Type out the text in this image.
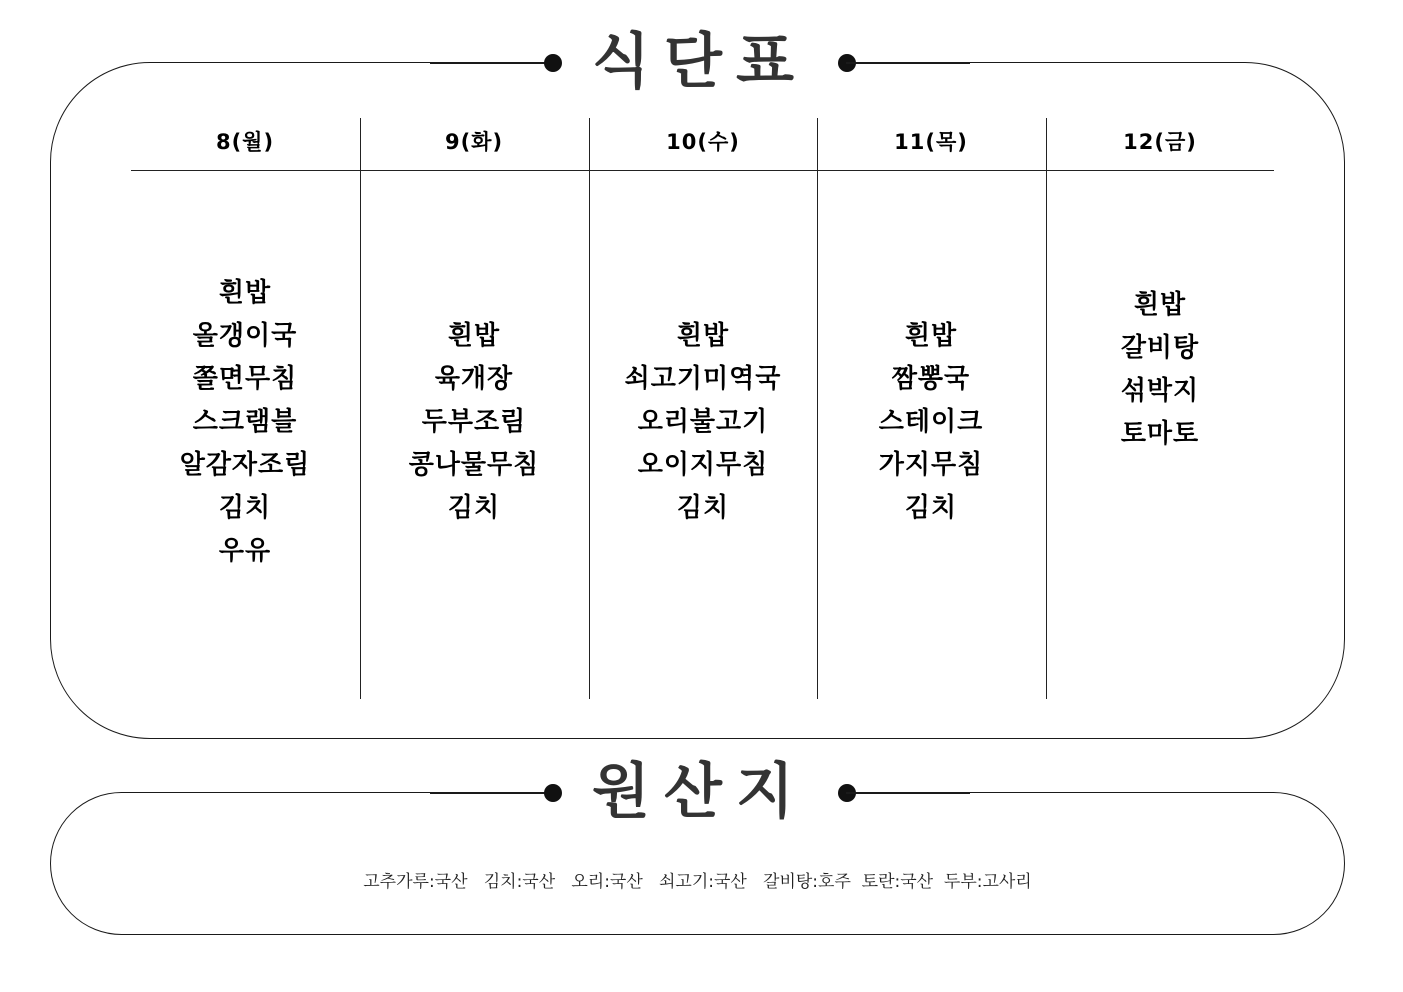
식단표
8(월)
흰밥
올갱이국
쫄면무침
스크램블
알감자조림
김치
우유
9(화)
흰밥
육개장
두부조림
콩나물무침
김치
10(수)
흰밥
쇠고기미역국
오리불고기
오이지무침
김치
11(목)
흰밥
짬뽕국
스테이크
가지무침
김치
12(금)
흰밥
갈비탕
섞박지
토마토
원산지
고추가루:국산   김치:국산   오리:국산   쇠고기:국산   갈비탕:호주  토란:국산  두부:고사리
